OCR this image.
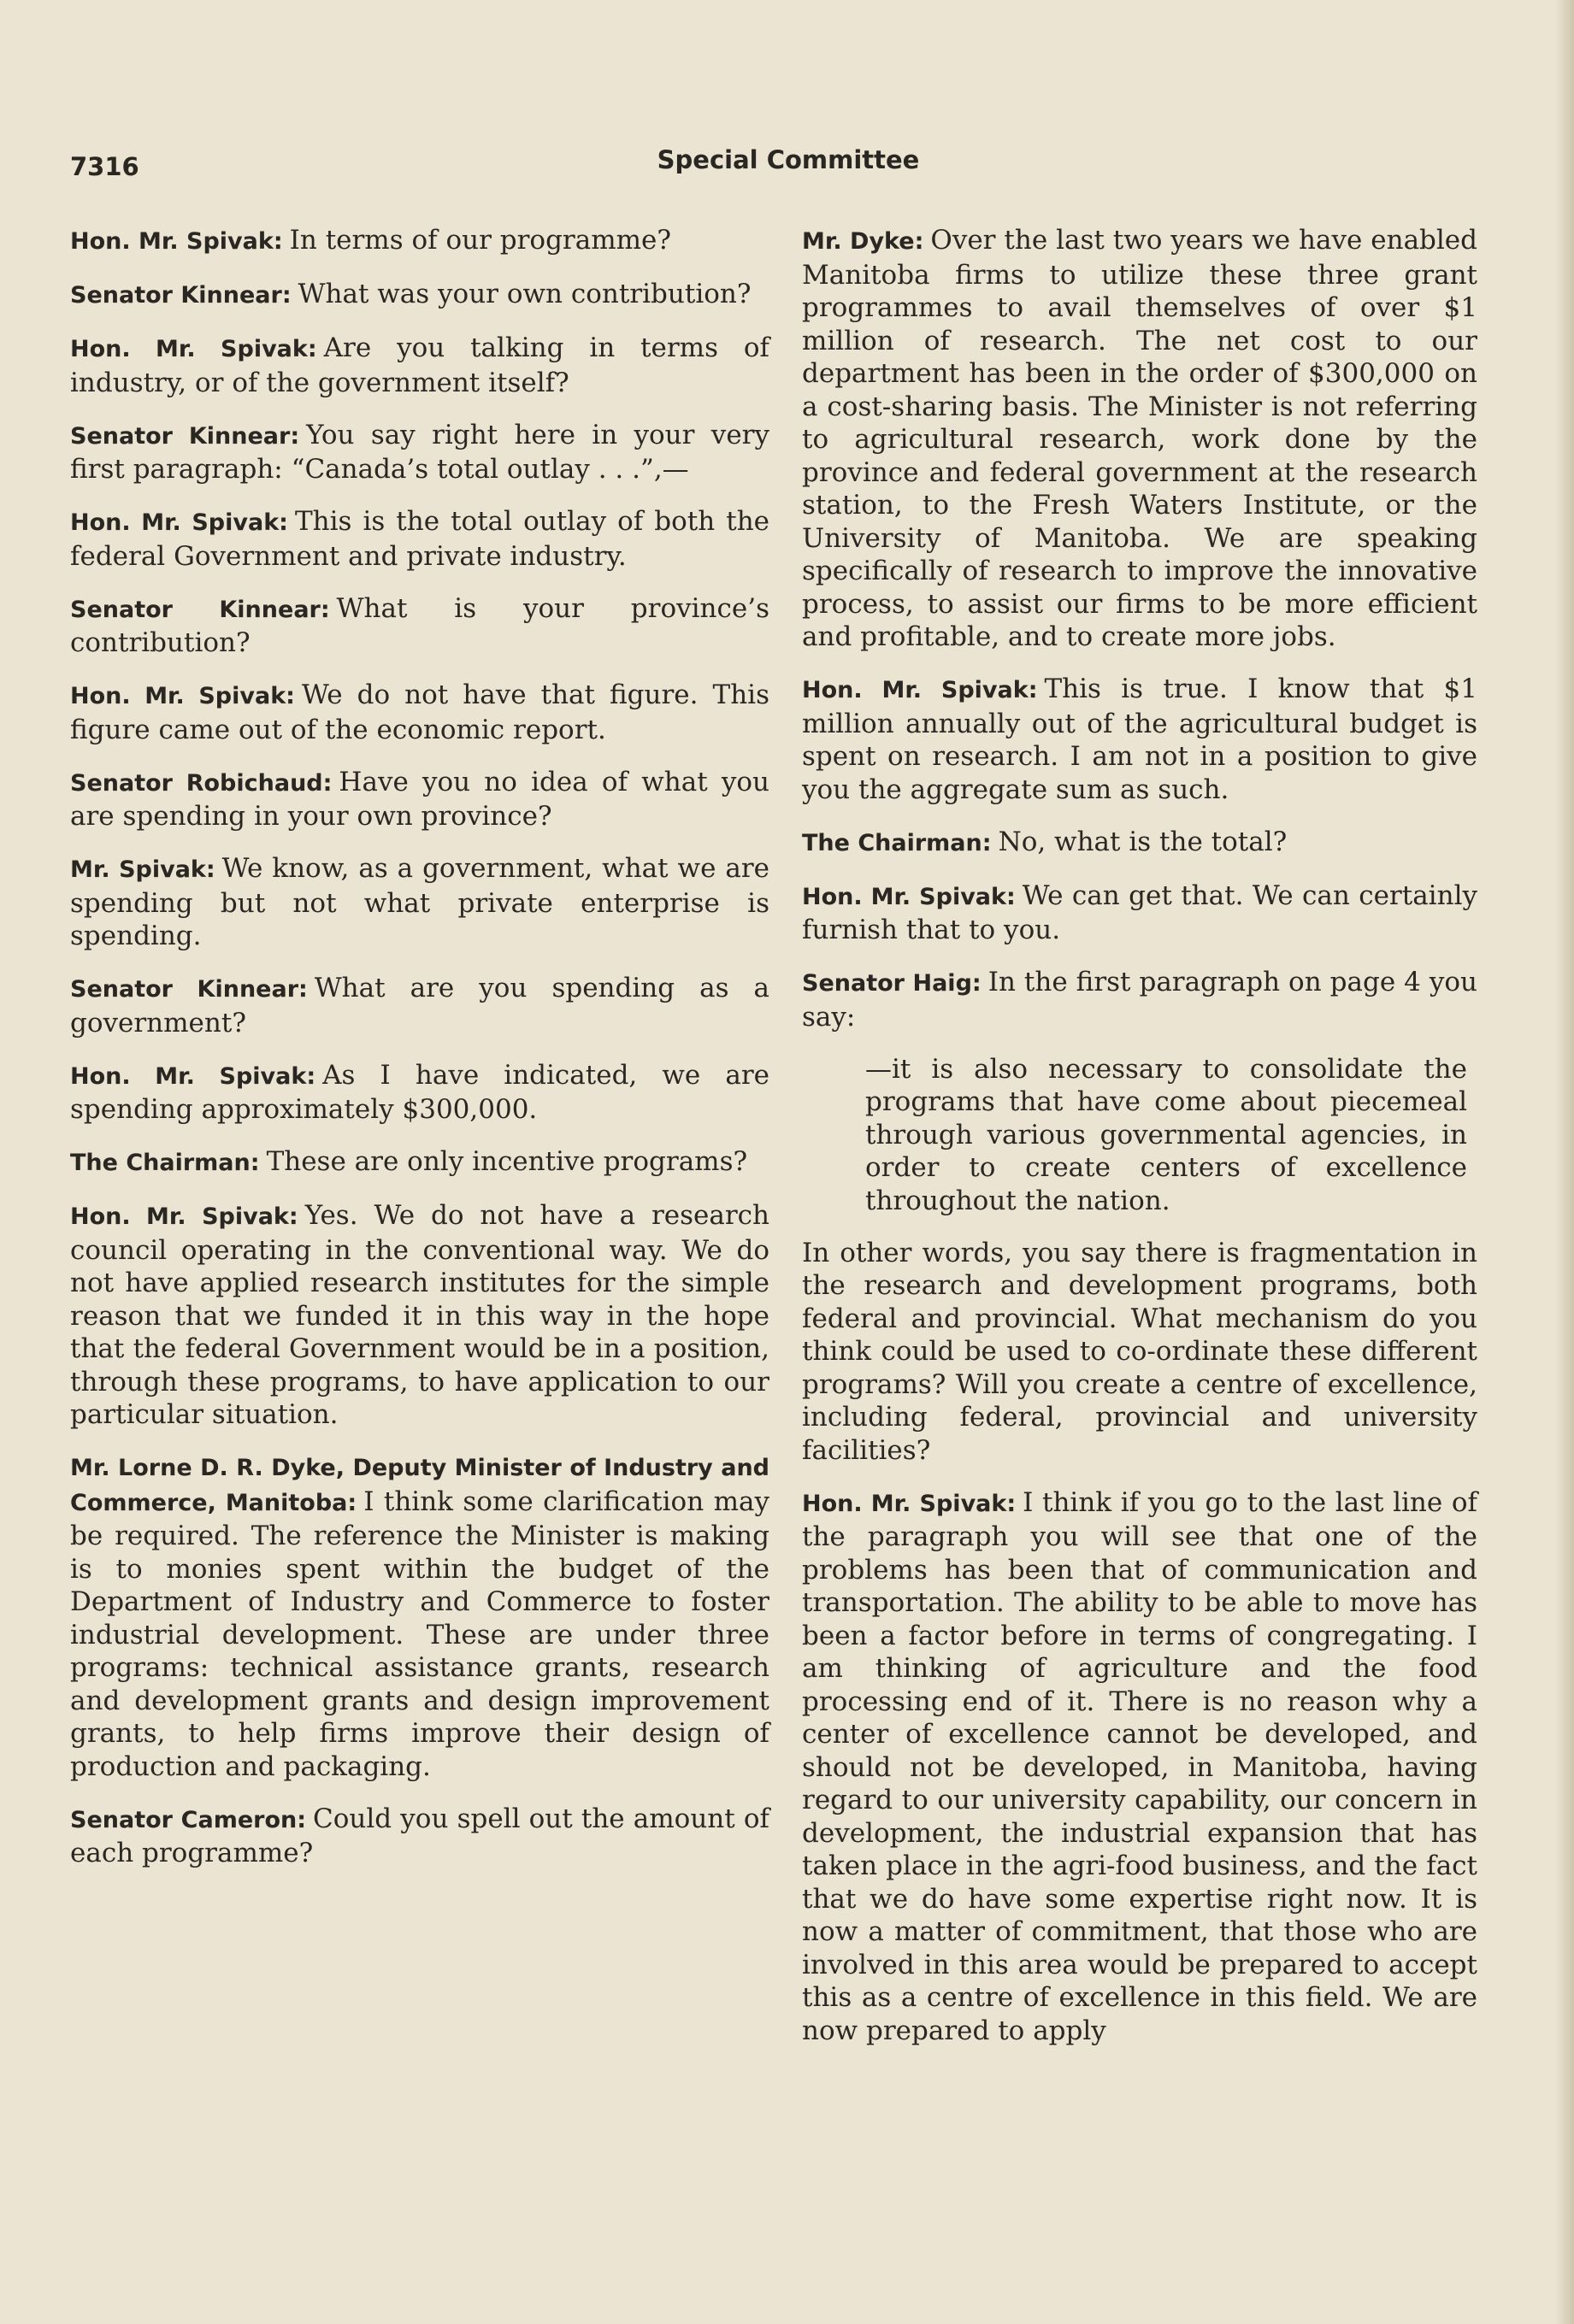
7316	Special Committee

Hon. Mr. Spivak: In terms of our programme?

Senator Kinnear: What was your own contribution?

Hon. Mr. Spivak: Are you talking in terms of industry, or of the government itself?

Senator Kinnear: You say right here in your very first paragraph: “Canada’s total outlay . . .”,—

Hon. Mr. Spivak: This is the total outlay of both the federal Government and private industry.

Senator Kinnear: What is your province’s contribution?

Hon. Mr. Spivak: We do not have that figure. This figure came out of the economic report.

Senator Robichaud: Have you no idea of what you are spending in your own province?

Mr. Spivak: We know, as a government, what we are spending but not what private enterprise is spending.

Senator Kinnear: What are you spending as a government?

Hon. Mr. Spivak: As I have indicated, we are spending approximately $300,000.

The Chairman: These are only incentive programs?

Hon. Mr. Spivak: Yes. We do not have a research council operating in the conventional way. We do not have applied research institutes for the simple reason that we funded it in this way in the hope that the federal Government would be in a position, through these programs, to have application to our particular situation.

Mr. Lorne D. R. Dyke, Deputy Minister of Industry and Commerce, Manitoba: I think some clarification may be required. The reference the Minister is making is to monies spent within the budget of the Department of Industry and Commerce to foster industrial development. These are under three programs: technical assistance grants, research and development grants and design improvement grants, to help firms improve their design of production and packaging.

Senator Cameron: Could you spell out the amount of each programme?

Mr. Dyke: Over the last two years we have enabled Manitoba firms to utilize these three grant programmes to avail themselves of over $1 million of research. The net cost to our department has been in the order of $300,000 on a cost-sharing basis. The Minister is not referring to agricultural research, work done by the province and federal government at the research station, to the Fresh Waters Institute, or the University of Manitoba. We are speaking specifically of research to improve the innovative process, to assist our firms to be more efficient and profitable, and to create more jobs.

Hon. Mr. Spivak: This is true. I know that $1 million annually out of the agricultural budget is spent on research. I am not in a position to give you the aggregate sum as such.

The Chairman: No, what is the total?

Hon. Mr. Spivak: We can get that. We can certainly furnish that to you.

Senator Haig: In the first paragraph on page 4 you say:

—it is also necessary to consolidate the programs that have come about piecemeal through various governmental agencies, in order to create centers of excellence throughout the nation.

In other words, you say there is fragmentation in the research and development programs, both federal and provincial. What mechanism do you think could be used to co-ordinate these different programs? Will you create a centre of excellence, including federal, provincial and university facilities?

Hon. Mr. Spivak: I think if you go to the last line of the paragraph you will see that one of the problems has been that of communication and transportation. The ability to be able to move has been a factor before in terms of congregating. I am thinking of agriculture and the food processing end of it. There is no reason why a center of excellence cannot be developed, and should not be developed, in Manitoba, having regard to our university capability, our concern in development, the industrial expansion that has taken place in the agri-food business, and the fact that we do have some expertise right now. It is now a matter of commitment, that those who are involved in this area would be prepared to accept this as a centre of excellence in this field. We are now prepared to apply
